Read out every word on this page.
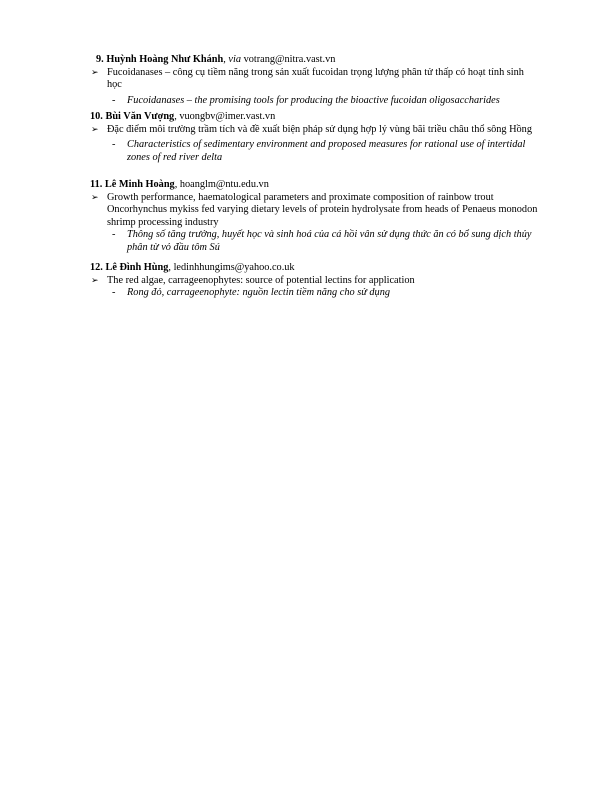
9. Huỳnh Hoàng Như Khánh, via votrang@nitra.vast.vn
➢ Fucoidanases – công cụ tiềm năng trong sản xuất fucoidan trọng lượng phân tử thấp có hoạt tính sinh học
- Fucoidanases – the promising tools for producing the bioactive fucoidan oligosaccharides
10. Bùi Văn Vượng, vuongbv@imer.vast.vn
➢ Đặc điểm môi trường trầm tích và đề xuất biện pháp sử dụng hợp lý vùng bãi triều châu thổ sông Hồng
- Characteristics of sedimentary environment and proposed measures for rational use of intertidal zones of red river delta
11. Lê Minh Hoàng, hoanglm@ntu.edu.vn
➢ Growth performance, haematological parameters and proximate composition of rainbow trout Oncorhynchus mykiss fed varying dietary levels of protein hydrolysate from heads of Penaeus monodon shrimp processing industry
- Thông số tăng trưởng, huyết học và sinh hoá của cá hồi vân sử dụng thức ăn có bổ sung dịch thủy phân từ vỏ đầu tôm Sú
12. Lê Đình Hùng, ledinhhungims@yahoo.co.uk
➢ The red algae, carrageenophytes: source of potential lectins for application
- Rong đỏ, carrageenophyte: nguồn lectin tiềm năng cho sử dụng
